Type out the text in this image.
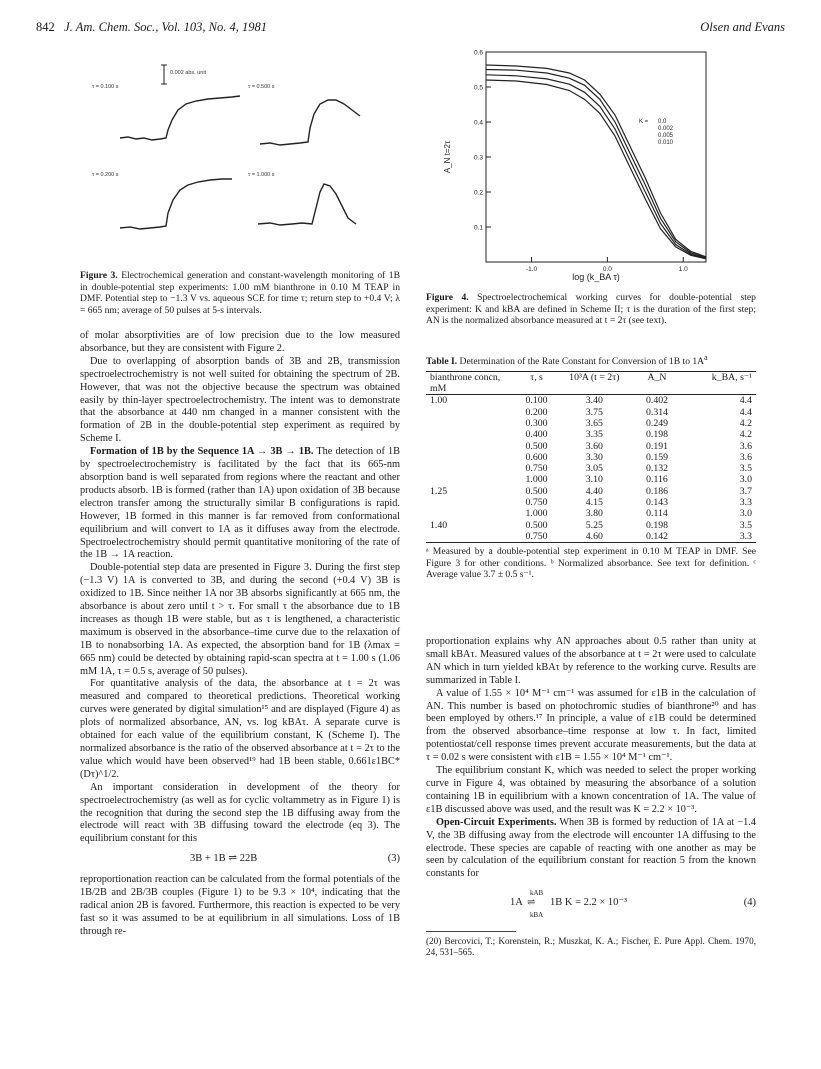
842 J. Am. Chem. Soc., Vol. 103, No. 4, 1981	Olsen and Evans
0.002 abs. unit
τ = 0.100 s	τ = 0.500 s
τ = 0.200 s	τ = 1.000 s
Figure 3. Electrochemical generation and constant-wavelength monitoring of 1B in double-potential step experiments: 1.00 mM bianthrone in 0.10 M TEAP in DMF. Potential step to −1.3 V vs. aqueous SCE for time τ; return step to +0.4 V; λ = 665 nm; average of 50 pulses at 5-s intervals.
0.1
0.2
0.3
0.4
0.5
0.6
-1.0	0.0	1.0
K = 0.0
0.002
0.005
0.010
A_N t=2τ
log (k_BA τ)
Figure 4. Spectroelectrochemical working curves for double-potential step experiment: K and kBA are defined in Scheme II; τ is the duration of the first step; AN is the normalized absorbance measured at t = 2τ (see text).
Table I. Determination of the Rate Constant for Conversion of 1B to $1A^a$
bianthrone concn, mM	τ, s	10³A (t = 2τ)	A_N	k_BA, s⁻¹
1.00	0.100	3.40	0.402	4.4
	0.200	3.75	0.314	4.4
	0.300	3.65	0.249	4.2
	0.400	3.35	0.198	4.2
	0.500	3.60	0.191	3.6
	0.600	3.30	0.159	3.6
	0.750	3.05	0.132	3.5
	1.000	3.10	0.116	3.0
1.25	0.500	4.40	0.186	3.7
	0.750	4.15	0.143	3.3
	1.000	3.80	0.114	3.0
1.40	0.500	5.25	0.198	3.5
	0.750	4.60	0.142	3.3
ᵃ Measured by a double-potential step experiment in 0.10 M TEAP in DMF. See Figure 3 for other conditions. ᵇ Normalized absorbance. See text for definition. ᶜ Average value 3.7 ± 0.5 s⁻¹.

of molar absorptivities are of low precision due to the low measured absorbance, but they are consistent with Figure 2.

Due to overlapping of absorption bands of 3B and 2B, transmission spectroelectrochemistry is not well suited for obtaining the spectrum of 2B. However, that was not the objective because the spectrum was obtained easily by thin-layer spectroelectrochemistry. The intent was to demonstrate that the absorbance at 440 nm changed in a manner consistent with the formation of 2B in the double-potential step experiment as required by Scheme I.

Formation of 1B by the Sequence 1A → 3B → 1B. The detection of 1B by spectroelectrochemistry is facilitated by the fact that its 665-nm absorption band is well separated from regions where the reactant and other products absorb. 1B is formed (rather than 1A) upon oxidation of 3B because electron transfer among the structurally similar B configurations is rapid. However, 1B formed in this manner is far removed from conformational equilibrium and will convert to 1A as it diffuses away from the electrode. Spectroelectrochemistry should permit quantitative monitoring of the rate of the 1B → 1A reaction.

Double-potential step data are presented in Figure 3. During the first step (−1.3 V) 1A is converted to 3B, and during the second (+0.4 V) 3B is oxidized to 1B. Since neither 1A nor 3B absorbs significantly at 665 nm, the absorbance is about zero until t > τ. For small τ the absorbance due to 1B increases as though 1B were stable, but as τ is lengthened, a characteristic maximum is observed in the absorbance–time curve due to the relaxation of 1B to nonabsorbing 1A. As expected, the absorption band for 1B (λmax = 665 nm) could be detected by obtaining rapid-scan spectra at t = 1.00 s (1.06 mM 1A, τ = 0.5 s, average of 50 pulses).

For quantitative analysis of the data, the absorbance at t = 2τ was measured and compared to theoretical predictions. Theoretical working curves were generated by digital simulation¹⁵ and are displayed (Figure 4) as plots of normalized absorbance, AN, vs. log kBAτ. A separate curve is obtained for each value of the equilibrium constant, K (Scheme I). The normalized absorbance is the ratio of the observed absorbance at t = 2τ to the value which would have been observed¹⁹ had 1B been stable, 0.661ε1BC*(Dτ)^1/2.

An important consideration in development of the theory for spectroelectrochemistry (as well as for cyclic voltammetry as in Figure 1) is the recognition that during the second step the 1B diffusing away from the electrode will react with 3B diffusing toward the electrode (eq 3). The equilibrium constant for this

3B + 1B ⇌ 22B	(3)

reproportionation reaction can be calculated from the formal potentials of the 1B/2B and 2B/3B couples (Figure 1) to be 9.3 × 10⁴, indicating that the radical anion 2B is favored. Furthermore, this reaction is expected to be very fast so it was assumed to be at equilibrium in all simulations. Loss of 1B through re-

proportionation explains why AN approaches about 0.5 rather than unity at small kBAτ. Measured values of the absorbance at t = 2τ were used to calculate AN which in turn yielded kBAτ by reference to the working curve. Results are summarized in Table I.

A value of 1.55 × 10⁴ M⁻¹ cm⁻¹ was assumed for ε1B in the calculation of AN. This number is based on photochromic studies of bianthrone²⁰ and has been employed by others.¹⁷ In principle, a value of ε1B could be determined from the observed absorbance–time response at low τ. In fact, limited potentiostat/cell response times prevent accurate measurements, but the data at τ = 0.02 s were consistent with ε1B = 1.55 × 10⁴ M⁻¹ cm⁻¹.

The equilibrium constant K, which was needed to select the proper working curve in Figure 4, was obtained by measuring the absorbance of a solution containing 1B in equilibrium with a known concentration of 1A. The value of ε1B discussed above was used, and the result was K = 2.2 × 10⁻³.

Open-Circuit Experiments. When 3B is formed by reduction of 1A at −1.4 V, the 3B diffusing away from the electrode will encounter 1A diffusing to the electrode. These species are capable of reacting with one another as may be seen by calculation of the equilibrium constant for reaction 5 from the known constants for

1A
kAB
⇌
kBA
1B K = 2.2 × 10⁻³	(4)
(20) Bercovici, T.; Korenstein, R.; Muszkat, K. A.; Fischer, E. Pure Appl. Chem. 1970, 24, 531–565.
